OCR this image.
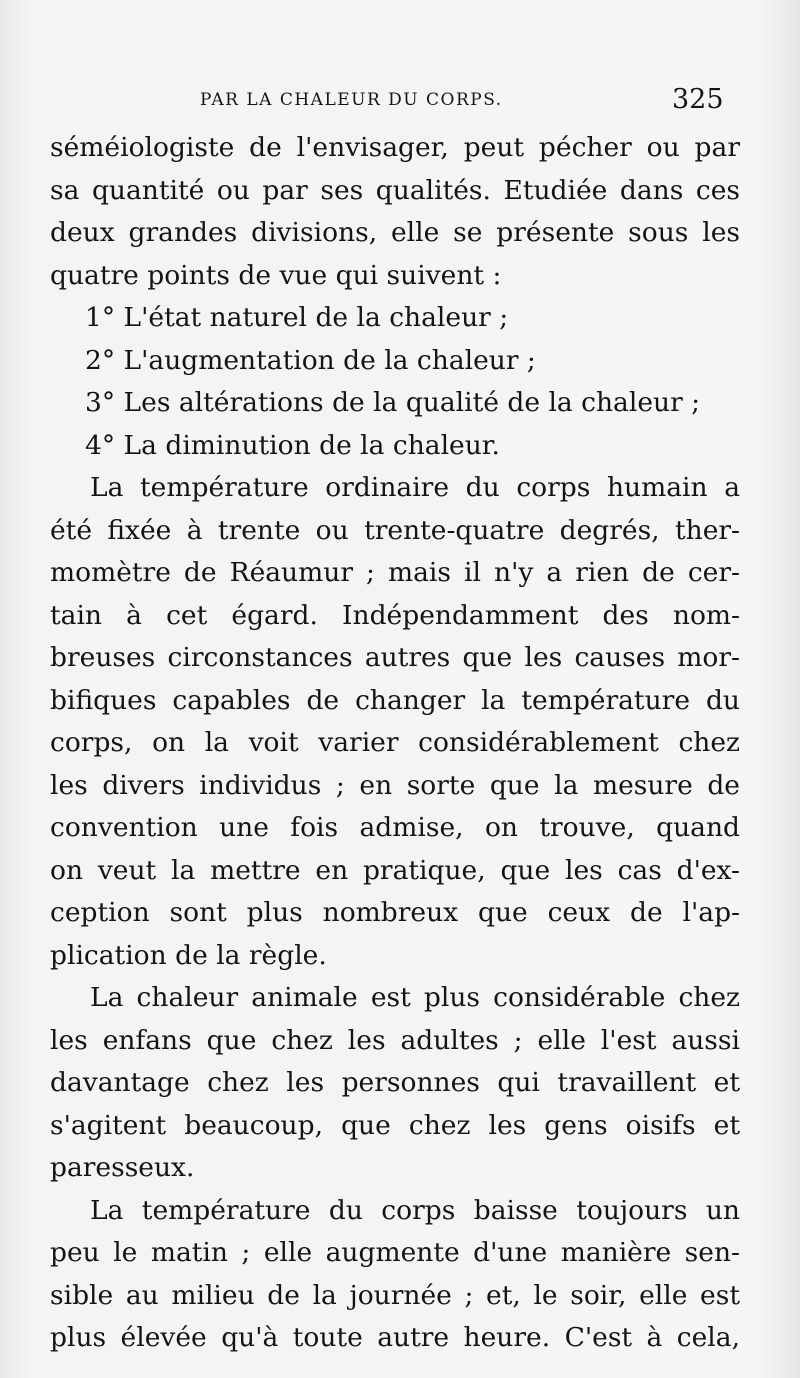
PAR LA CHALEUR DU CORPS.	325
séméiologiste de l'envisager, peut pécher ou par
sa quantité ou par ses qualités. Etudiée dans ces
deux grandes divisions, elle se présente sous les
quatre points de vue qui suivent :
1° L'état naturel de la chaleur ;
2° L'augmentation de la chaleur ;
3° Les altérations de la qualité de la chaleur ;
4° La diminution de la chaleur.
La température ordinaire du corps humain a
été fixée à trente ou trente-quatre degrés, ther-
momètre de Réaumur ; mais il n'y a rien de cer-
tain à cet égard. Indépendamment des nom-
breuses circonstances autres que les causes mor-
bifiques capables de changer la température du
corps, on la voit varier considérablement chez
les divers individus ; en sorte que la mesure de
convention une fois admise, on trouve, quand
on veut la mettre en pratique, que les cas d'ex-
ception sont plus nombreux que ceux de l'ap-
plication de la règle.
La chaleur animale est plus considérable chez
les enfans que chez les adultes ; elle l'est aussi
davantage chez les personnes qui travaillent et
s'agitent beaucoup, que chez les gens oisifs et
paresseux.
La température du corps baisse toujours un
peu le matin ; elle augmente d'une manière sen-
sible au milieu de la journée ; et, le soir, elle est
plus élevée qu'à toute autre heure. C'est à cela,
